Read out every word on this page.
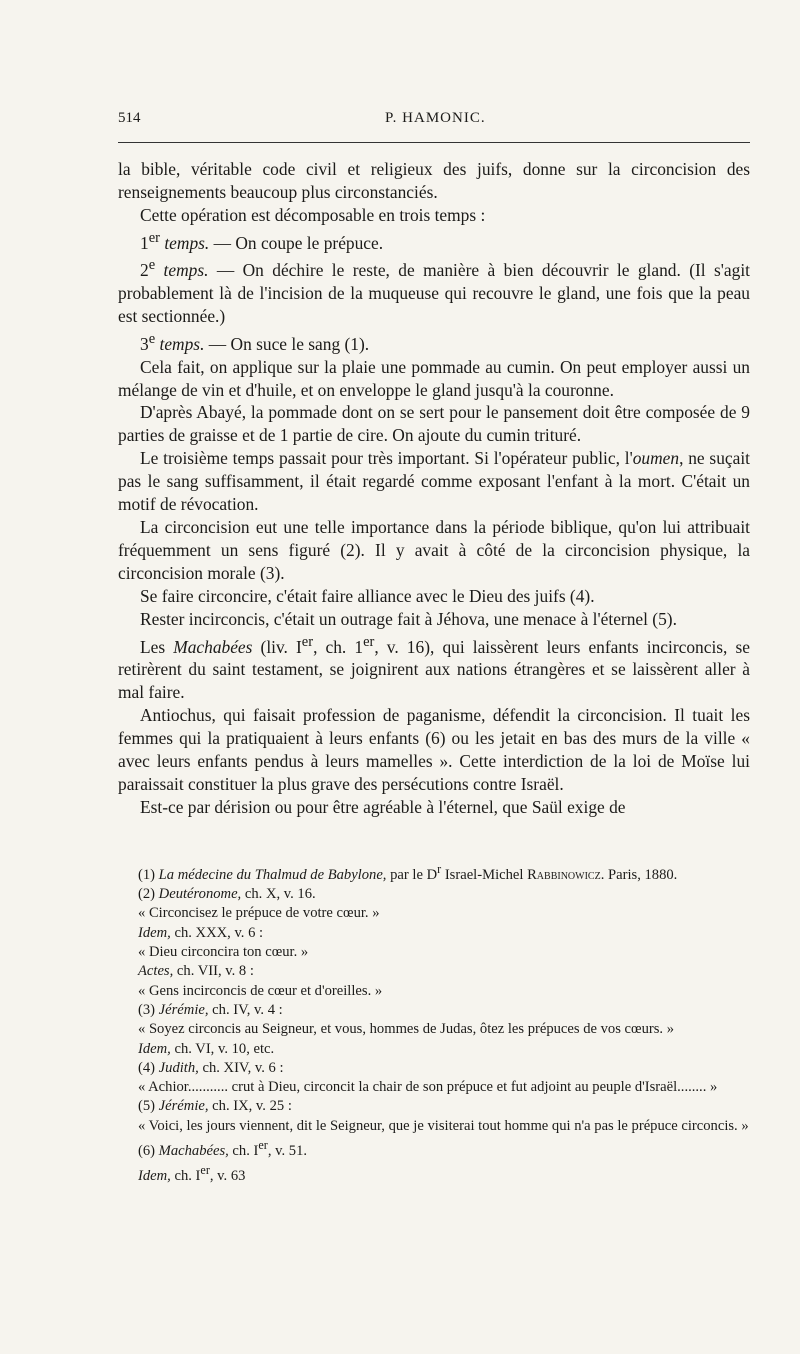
514	P. HAMONIC.

la bible, véritable code civil et religieux des juifs, donne sur la circoncision des renseignements beaucoup plus circonstanciés.

Cette opération est décomposable en trois temps :

1er temps. — On coupe le prépuce.

2e temps. — On déchire le reste, de manière à bien découvrir le gland. (Il s'agit probablement là de l'incision de la muqueuse qui recouvre le gland, une fois que la peau est sectionnée.)

3e temps. — On suce le sang (1).

Cela fait, on applique sur la plaie une pommade au cumin. On peut employer aussi un mélange de vin et d'huile, et on enveloppe le gland jusqu'à la couronne.

D'après Abayé, la pommade dont on se sert pour le pansement doit être composée de 9 parties de graisse et de 1 partie de cire. On ajoute du cumin trituré.

Le troisième temps passait pour très important. Si l'opérateur public, l'oumen, ne suçait pas le sang suffisamment, il était regardé comme exposant l'enfant à la mort. C'était un motif de révocation.

La circoncision eut une telle importance dans la période biblique, qu'on lui attribuait fréquemment un sens figuré (2). Il y avait à côté de la circoncision physique, la circoncision morale (3).

Se faire circoncire, c'était faire alliance avec le Dieu des juifs (4).

Rester incirconcis, c'était un outrage fait à Jéhova, une menace à l'éternel (5).

Les Machabées (liv. Ier, ch. 1er, v. 16), qui laissèrent leurs enfants incirconcis, se retirèrent du saint testament, se joignirent aux nations étrangères et se laissèrent aller à mal faire.

Antiochus, qui faisait profession de paganisme, défendit la circoncision. Il tuait les femmes qui la pratiquaient à leurs enfants (6) ou les jetait en bas des murs de la ville « avec leurs enfants pendus à leurs mamelles ». Cette interdiction de la loi de Moïse lui paraissait constituer la plus grave des persécutions contre Israël.

Est-ce par dérision ou pour être agréable à l'éternel, que Saül exige de

(1) La médecine du Thalmud de Babylone, par le $D^r$ Israel-Michel Rabbinowicz. Paris, 1880.

(2) Deutéronome, ch. X, v. 16.

« Circoncisez le prépuce de votre cœur. »

Idem, ch. XXX, v. 6 :

« Dieu circoncira ton cœur. »

Actes, ch. VII, v. 8 :

« Gens incirconcis de cœur et d'oreilles. »

(3) Jérémie, ch. IV, v. 4 :

« Soyez circoncis au Seigneur, et vous, hommes de Judas, ôtez les prépuces de vos cœurs. »

Idem, ch. VI, v. 10, etc.

(4) Judith, ch. XIV, v. 6 :

« Achior........... crut à Dieu, circoncit la chair de son prépuce et fut adjoint au peuple d'Israël........ »

(5) Jérémie, ch. IX, v. 25 :

« Voici, les jours viennent, dit le Seigneur, que je visiterai tout homme qui n'a pas le prépuce circoncis. »

(6) Machabées, ch. Ier, v. 51.

Idem, ch. Ier, v. 63
